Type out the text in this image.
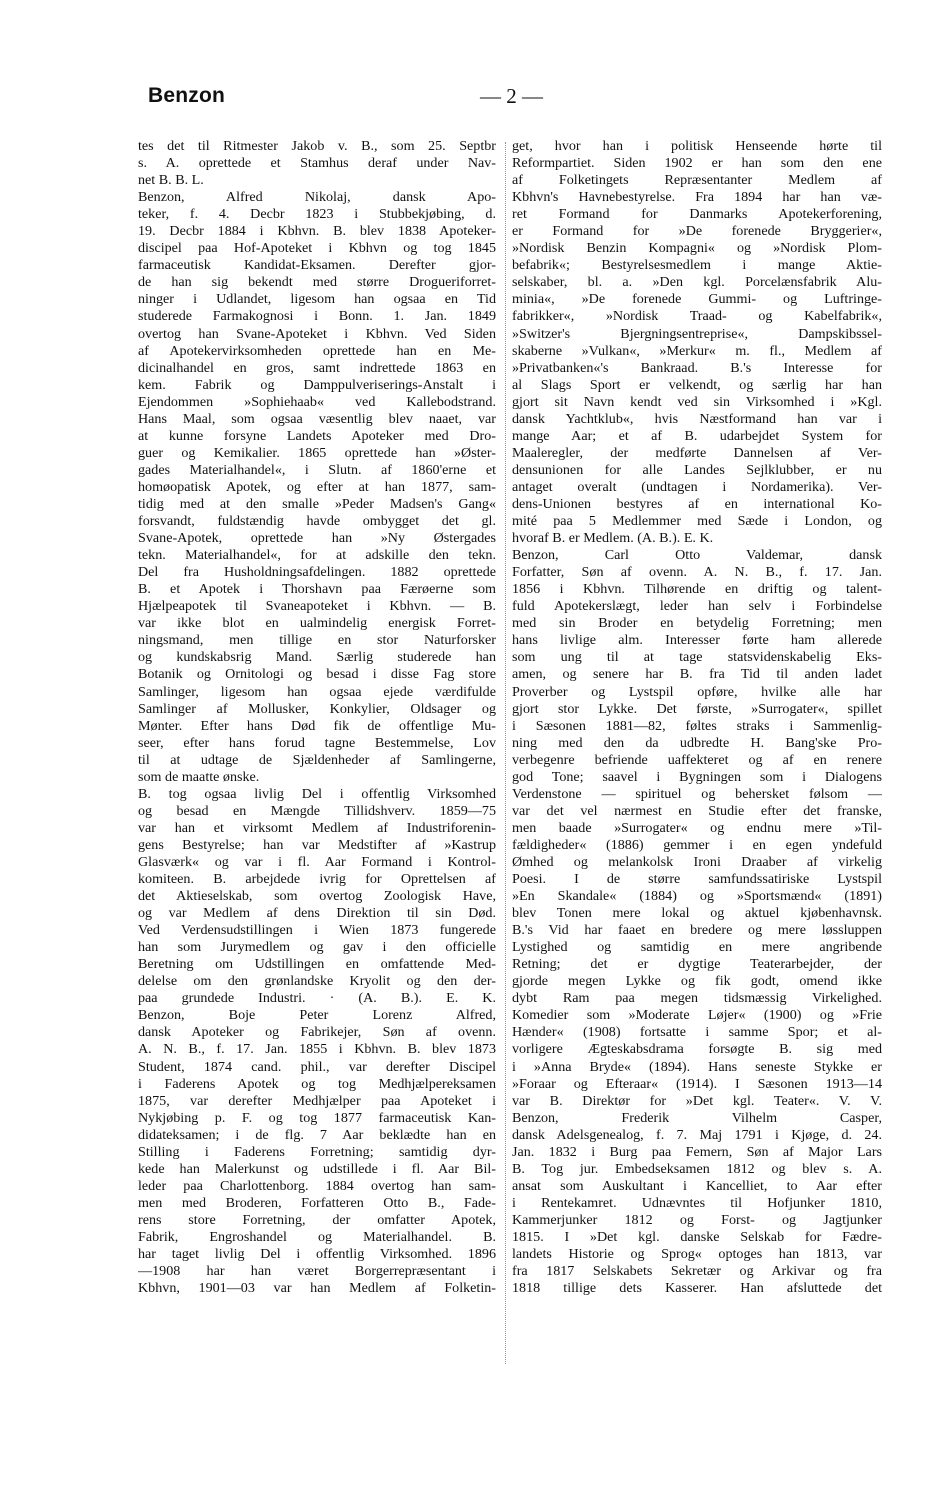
Benzon	— 2 —
tes det til Ritmester Jakob v. B., som 25. Septbr
s. A. oprettede et Stamhus deraf under Nav-
net B. B. L.
Benzon, Alfred Nikolaj, dansk Apo-
teker, f. 4. Decbr 1823 i Stubbekjøbing, d.
19. Decbr 1884 i Kbhvn. B. blev 1838 Apoteker-
discipel paa Hof-Apoteket i Kbhvn og tog 1845
farmaceutisk Kandidat-Eksamen. Derefter gjor-
de han sig bekendt med større Drogueriforret-
ninger i Udlandet, ligesom han ogsaa en Tid
studerede Farmakognosi i Bonn. 1. Jan. 1849
overtog han Svane-Apoteket i Kbhvn. Ved Siden
af Apotekervirksomheden oprettede han en Me-
dicinalhandel en gros, samt indrettede 1863 en
kem. Fabrik og Damppulveriserings-Anstalt i
Ejendommen »Sophiehaab« ved Kallebodstrand.
Hans Maal, som ogsaa væsentlig blev naaet, var
at kunne forsyne Landets Apoteker med Dro-
guer og Kemikalier. 1865 oprettede han »Øster-
gades Materialhandel«, i Slutn. af 1860'erne et
homøopatisk Apotek, og efter at han 1877, sam-
tidig med at den smalle »Peder Madsen's Gang«
forsvandt, fuldstændig havde ombygget det gl.
Svane-Apotek, oprettede han »Ny Østergades
tekn. Materialhandel«, for at adskille den tekn.
Del fra Husholdningsafdelingen. 1882 oprettede
B. et Apotek i Thorshavn paa Færøerne som
Hjælpeapotek til Svaneapoteket i Kbhvn. — B.
var ikke blot en ualmindelig energisk Forret-
ningsmand, men tillige en stor Naturforsker
og kundskabsrig Mand. Særlig studerede han
Botanik og Ornitologi og besad i disse Fag store
Samlinger, ligesom han ogsaa ejede værdifulde
Samlinger af Mollusker, Konkylier, Oldsager og
Mønter. Efter hans Død fik de offentlige Mu-
seer, efter hans forud tagne Bestemmelse, Lov
til at udtage de Sjældenheder af Samlingerne,
som de maatte ønske.
B. tog ogsaa livlig Del i offentlig Virksomhed
og besad en Mængde Tillidshverv. 1859—75
var han et virksomt Medlem af Industriforenin-
gens Bestyrelse; han var Medstifter af »Kastrup
Glasværk« og var i fl. Aar Formand i Kontrol-
komiteen. B. arbejdede ivrig for Oprettelsen af
det Aktieselskab, som overtog Zoologisk Have,
og var Medlem af dens Direktion til sin Død.
Ved Verdensudstillingen i Wien 1873 fungerede
han som Jurymedlem og gav i den officielle
Beretning om Udstillingen en omfattende Med-
delelse om den grønlandske Kryolit og den der-
paa grundede Industri. · (A. B.). E. K.
Benzon, Boje Peter Lorenz Alfred,
dansk Apoteker og Fabrikejer, Søn af ovenn.
A. N. B., f. 17. Jan. 1855 i Kbhvn. B. blev 1873
Student, 1874 cand. phil., var derefter Discipel
i Faderens Apotek og tog Medhjælpereksamen
1875, var derefter Medhjælper paa Apoteket i
Nykjøbing p. F. og tog 1877 farmaceutisk Kan-
didateksamen; i de flg. 7 Aar beklædte han en
Stilling i Faderens Forretning; samtidig dyr-
kede han Malerkunst og udstillede i fl. Aar Bil-
leder paa Charlottenborg. 1884 overtog han sam-
men med Broderen, Forfatteren Otto B., Fade-
rens store Forretning, der omfatter Apotek,
Fabrik, Engroshandel og Materialhandel. B.
har taget livlig Del i offentlig Virksomhed. 1896
—1908 har han været Borgerrepræsentant i
Kbhvn, 1901—03 var han Medlem af Folketin-
get, hvor han i politisk Henseende hørte til
Reformpartiet. Siden 1902 er han som den ene
af Folketingets Repræsentanter Medlem af
Kbhvn's Havnebestyrelse. Fra 1894 har han væ-
ret Formand for Danmarks Apotekerforening,
er Formand for »De forenede Bryggerier«,
»Nordisk Benzin Kompagni« og »Nordisk Plom-
befabrik«; Bestyrelsesmedlem i mange Aktie-
selskaber, bl. a. »Den kgl. Porcelænsfabrik Alu-
minia«, »De forenede Gummi- og Luftringe-
fabrikker«, »Nordisk Traad- og Kabelfabrik«,
»Switzer's Bjergningsentreprise«, Dampskibssel-
skaberne »Vulkan«, »Merkur« m. fl., Medlem af
»Privatbanken«'s Bankraad. B.'s Interesse for
al Slags Sport er velkendt, og særlig har han
gjort sit Navn kendt ved sin Virksomhed i »Kgl.
dansk Yachtklub«, hvis Næstformand han var i
mange Aar; et af B. udarbejdet System for
Maaleregler, der medførte Dannelsen af Ver-
densunionen for alle Landes Sejlklubber, er nu
antaget overalt (undtagen i Nordamerika). Ver-
dens-Unionen bestyres af en international Ko-
mité paa 5 Medlemmer med Sæde i London, og
hvoraf B. er Medlem. (A. B.). E. K.
Benzon, Carl Otto Valdemar, dansk
Forfatter, Søn af ovenn. A. N. B., f. 17. Jan.
1856 i Kbhvn. Tilhørende en driftig og talent-
fuld Apotekerslægt, leder han selv i Forbindelse
med sin Broder en betydelig Forretning; men
hans livlige alm. Interesser førte ham allerede
som ung til at tage statsvidenskabelig Eks-
amen, og senere har B. fra Tid til anden ladet
Proverber og Lystspil opføre, hvilke alle har
gjort stor Lykke. Det første, »Surrogater«, spillet
i Sæsonen 1881—82, føltes straks i Sammenlig-
ning med den da udbredte H. Bang'ske Pro-
verbegenre befriende uaffekteret og af en renere
god Tone; saavel i Bygningen som i Dialogens
Verdenstone — spirituel og behersket følsom —
var det vel nærmest en Studie efter det franske,
men baade »Surrogater« og endnu mere »Til-
fældigheder« (1886) gemmer i en egen yndefuld
Ømhed og melankolsk Ironi Draaber af virkelig
Poesi. I de større samfundssatiriske Lystspil
»En Skandale« (1884) og »Sportsmænd« (1891)
blev Tonen mere lokal og aktuel kjøbenhavnsk.
B.'s Vid har faaet en bredere og mere løssluppen
Lystighed og samtidig en mere angribende
Retning; det er dygtige Teaterarbejder, der
gjorde megen Lykke og fik godt, omend ikke
dybt Ram paa megen tidsmæssig Virkelighed.
Komedier som »Moderate Løjer« (1900) og »Frie
Hænder« (1908) fortsatte i samme Spor; et al-
vorligere Ægteskabsdrama forsøgte B. sig med
i »Anna Bryde« (1894). Hans seneste Stykke er
»Foraar og Efteraar« (1914). I Sæsonen 1913—14
var B. Direktør for »Det kgl. Teater«. V. V.
Benzon, Frederik Vilhelm Casper,
dansk Adelsgenealog, f. 7. Maj 1791 i Kjøge, d. 24.
Jan. 1832 i Burg paa Femern, Søn af Major Lars
B. Tog jur. Embedseksamen 1812 og blev s. A.
ansat som Auskultant i Kancelliet, to Aar efter
i Rentekamret. Udnævntes til Hofjunker 1810,
Kammerjunker 1812 og Forst- og Jagtjunker
1815. I »Det kgl. danske Selskab for Fædre-
landets Historie og Sprog« optoges han 1813, var
fra 1817 Selskabets Sekretær og Arkivar og fra
1818 tillige dets Kasserer. Han afsluttede det
